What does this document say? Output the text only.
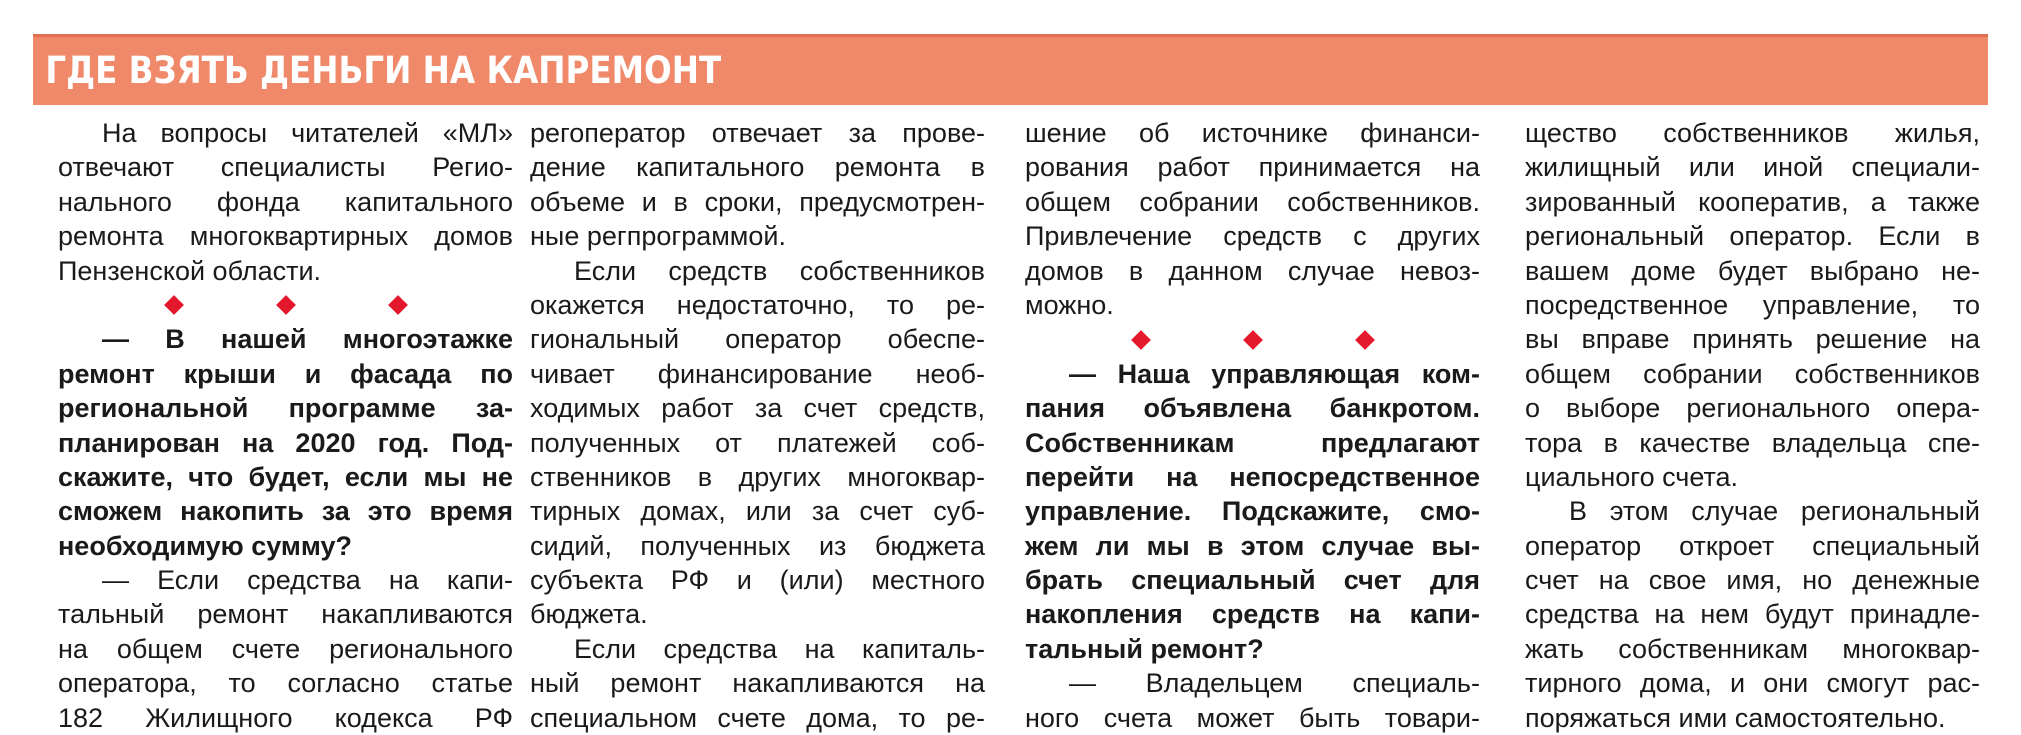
ГДЕ ВЗЯТЬ ДЕНЬГИ НА КАПРЕМОНТ
На вопросы читателей «МЛ»
отвечают специалисты Регио-
нального фонда капитального
ремонта многоквартирных домов
Пензенской области.
— В нашей многоэтажке
ремонт крыши и фасада по
региональной программе за-
планирован на 2020 год. Под-
скажите, что будет, если мы не
сможем накопить за это время
необходимую сумму?
— Если средства на капи-
тальный ремонт накапливаются
на общем счете регионального
оператора, то согласно статье
182 Жилищного кодекса РФ
регоператор отвечает за прове-
дение капитального ремонта в
объеме и в сроки, предусмотрен-
ные регпрограммой.
Если средств собственников
окажется недостаточно, то ре-
гиональный оператор обеспе-
чивает финансирование необ-
ходимых работ за счет средств,
полученных от платежей соб-
ственников в других многоквар-
тирных домах, или за счет суб-
сидий, полученных из бюджета
субъекта РФ и (или) местного
бюджета.
Если средства на капиталь-
ный ремонт накапливаются на
специальном счете дома, то ре-
шение об источнике финанси-
рования работ принимается на
общем собрании собственников.
Привлечение средств с других
домов в данном случае невоз-
можно.
— Наша управляющая ком-
пания объявлена банкротом.
Собственникам предлагают
перейти на непосредственное
управление. Подскажите, смо-
жем ли мы в этом случае вы-
брать специальный счет для
накопления средств на капи-
тальный ремонт?
— Владельцем специаль-
ного счета может быть товари-
щество собственников жилья,
жилищный или иной специали-
зированный кооператив, а также
региональный оператор. Если в
вашем доме будет выбрано не-
посредственное управление, то
вы вправе принять решение на
общем собрании собственников
о выборе регионального опера-
тора в качестве владельца спе-
циального счета.
В этом случае региональный
оператор откроет специальный
счет на свое имя, но денежные
средства на нем будут принадле-
жать собственникам многоквар-
тирного дома, и они смогут рас-
поряжаться ими самостоятельно.
